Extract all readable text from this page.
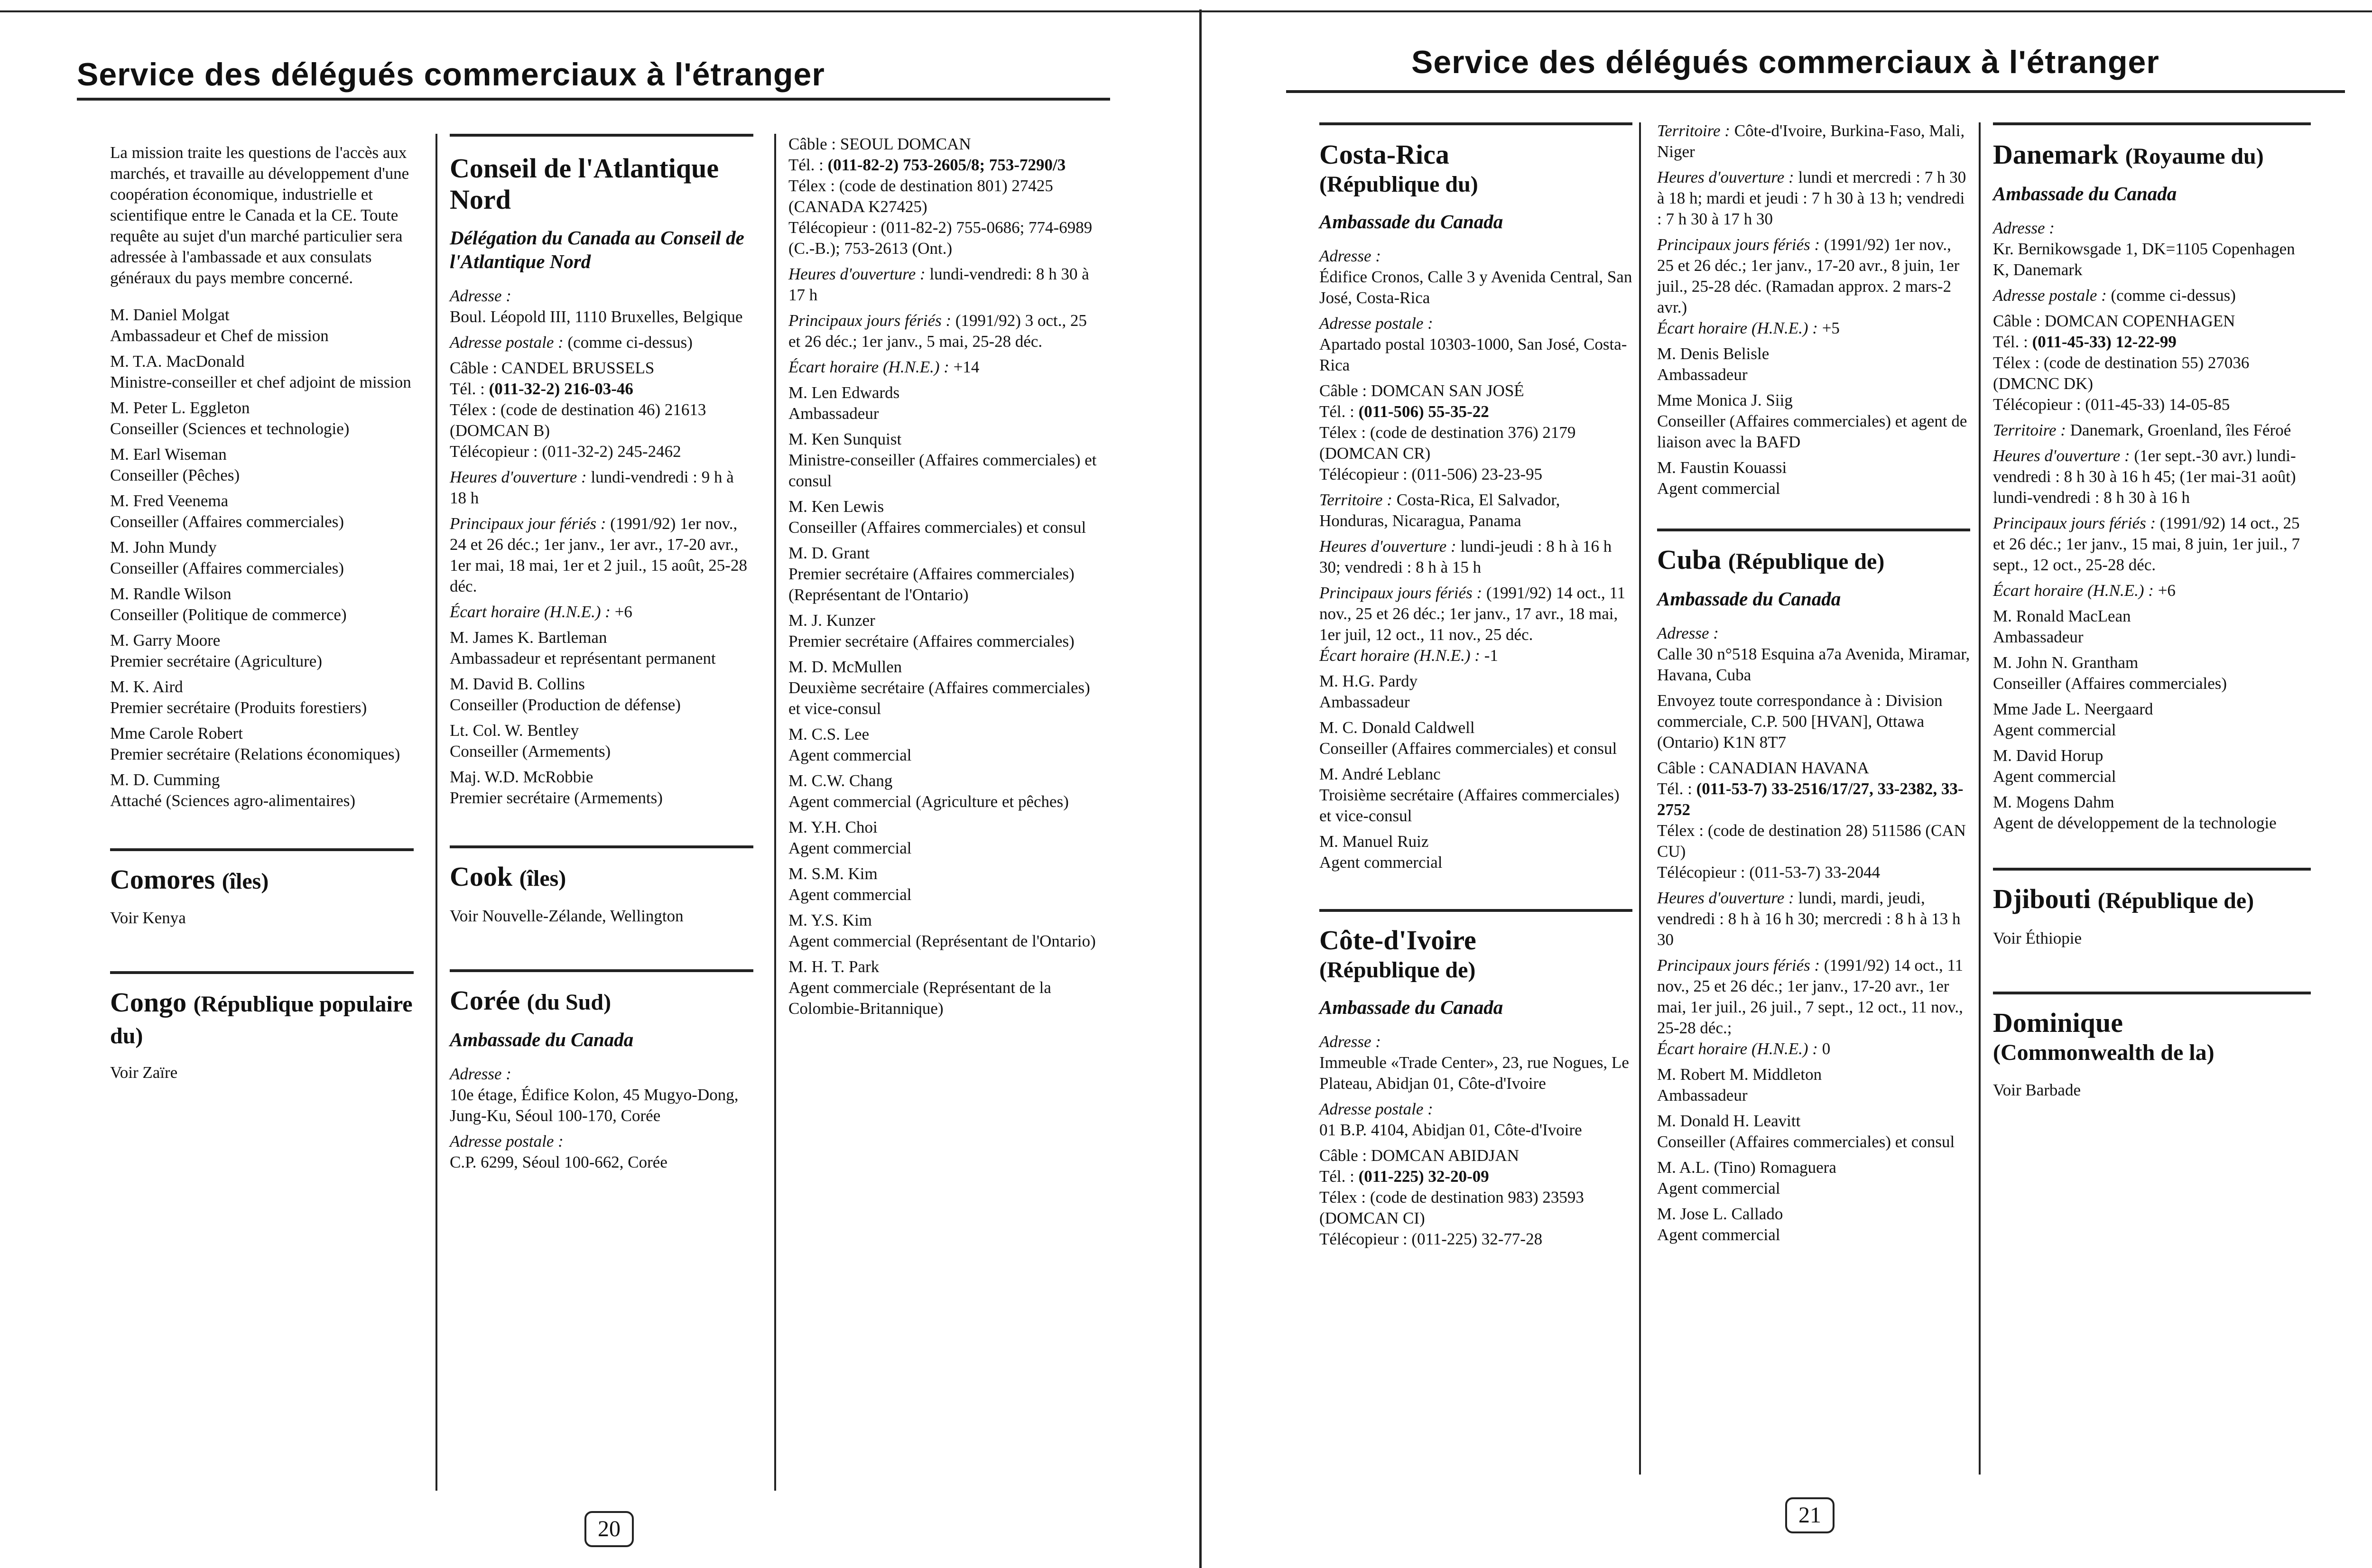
Service des délégués commerciaux à l'étranger

La mission traite les questions de l'accès aux marchés, et travaille au développement d'une coopération économique, industrielle et scientifique entre le Canada et la CE. Toute requête au sujet d'un marché particulier sera adressée à l'ambassade et aux consulats généraux du pays membre concerné.

M. Daniel Molgat
Ambassadeur et Chef de mission

M. T.A. MacDonald
Ministre-conseiller et chef adjoint de mission

M. Peter L. Eggleton
Conseiller (Sciences et technologie)

M. Earl Wiseman
Conseiller (Pêches)

M. Fred Veenema
Conseiller (Affaires commerciales)

M. John Mundy
Conseiller (Affaires commerciales)

M. Randle Wilson
Conseiller (Politique de commerce)

M. Garry Moore
Premier secrétaire (Agriculture)

M. K. Aird
Premier secrétaire (Produits forestiers)

Mme Carole Robert
Premier secrétaire (Relations économiques)

M. D. Cumming
Attaché (Sciences agro-alimentaires)

Comores (îles)

Voir Kenya

Congo (République populaire du)

Voir Zaïre

Conseil de l'Atlantique Nord
Délégation du Canada au Conseil de l'Atlantique Nord

Adresse :
Boul. Léopold III, 1110 Bruxelles, Belgique

Adresse postale : (comme ci-dessus)

Câble : CANDEL BRUSSELS

Tél. : (011-32-2) 216-03-46

Télex : (code de destination 46) 21613 (DOMCAN B)

Télécopieur : (011-32-2) 245-2462

Heures d'ouverture : lundi-vendredi : 9 h à 18 h

Principaux jour fériés : (1991/92) 1er nov., 24 et 26 déc.; 1er janv., 1er avr., 17-20 avr., 1er mai, 18 mai, 1er et 2 juil., 15 août, 25-28 déc.

Écart horaire (H.N.E.) : +6

M. James K. Bartleman
Ambassadeur et représentant permanent

M. David B. Collins
Conseiller (Production de défense)

Lt. Col. W. Bentley
Conseiller (Armements)

Maj. W.D. McRobbie
Premier secrétaire (Armements)

Cook (îles)

Voir Nouvelle-Zélande, Wellington

Corée (du Sud)
Ambassade du Canada

Adresse :
10e étage, Édifice Kolon, 45 Mugyo-Dong, Jung-Ku, Séoul 100-170, Corée

Adresse postale :
C.P. 6299, Séoul 100-662, Corée

Câble : SEOUL DOMCAN

Tél. : (011-82-2) 753-2605/8; 753-7290/3

Télex : (code de destination 801) 27425 (CANADA K27425)

Télécopieur : (011-82-2) 755-0686; 774-6989 (C.-B.); 753-2613 (Ont.)

Heures d'ouverture : lundi-vendredi: 8 h 30 à 17 h

Principaux jours fériés : (1991/92) 3 oct., 25 et 26 déc.; 1er janv., 5 mai, 25-28 déc.

Écart horaire (H.N.E.) : +14

M. Len Edwards
Ambassadeur

M. Ken Sunquist
Ministre-conseiller (Affaires commerciales) et consul

M. Ken Lewis
Conseiller (Affaires commerciales) et consul

M. D. Grant
Premier secrétaire (Affaires commerciales) (Représentant de l'Ontario)

M. J. Kunzer
Premier secrétaire (Affaires commerciales)

M. D. McMullen
Deuxième secrétaire (Affaires commerciales) et vice-consul

M. C.S. Lee
Agent commercial

M. C.W. Chang
Agent commercial (Agriculture et pêches)

M. Y.H. Choi
Agent commercial

M. S.M. Kim
Agent commercial

M. Y.S. Kim
Agent commercial (Représentant de l'Ontario)

M. H. T. Park
Agent commerciale (Représentant de la Colombie-Britannique)

20
Service des délégués commerciaux à l'étranger
Costa-Rica
(République du)
Ambassade du Canada

Adresse :
Édifice Cronos, Calle 3 y Avenida Central, San José, Costa-Rica

Adresse postale :
Apartado postal 10303-1000, San José, Costa-Rica

Câble : DOMCAN SAN JOSÉ

Tél. : (011-506) 55-35-22

Télex : (code de destination 376) 2179 (DOMCAN CR)

Télécopieur : (011-506) 23-23-95

Territoire : Costa-Rica, El Salvador, Honduras, Nicaragua, Panama

Heures d'ouverture : lundi-jeudi : 8 h à 16 h 30; vendredi : 8 h à 15 h

Principaux jours fériés : (1991/92) 14 oct., 11 nov., 25 et 26 déc.; 1er janv., 17 avr., 18 mai, 1er juil, 12 oct., 11 nov., 25 déc.

Écart horaire (H.N.E.) : -1

M. H.G. Pardy
Ambassadeur

M. C. Donald Caldwell
Conseiller (Affaires commerciales) et consul

M. André Leblanc
Troisième secrétaire (Affaires commerciales) et vice-consul

M. Manuel Ruiz
Agent commercial

Côte-d'Ivoire
(République de)
Ambassade du Canada

Adresse :
Immeuble «Trade Center», 23, rue Nogues, Le Plateau, Abidjan 01, Côte-d'Ivoire

Adresse postale :
01 B.P. 4104, Abidjan 01, Côte-d'Ivoire

Câble : DOMCAN ABIDJAN

Tél. : (011-225) 32-20-09

Télex : (code de destination 983) 23593 (DOMCAN CI)

Télécopieur : (011-225) 32-77-28

Territoire : Côte-d'Ivoire, Burkina-Faso, Mali, Niger

Heures d'ouverture : lundi et mercredi : 7 h 30 à 18 h; mardi et jeudi : 7 h 30 à 13 h; vendredi : 7 h 30 à 17 h 30

Principaux jours fériés : (1991/92) 1er nov., 25 et 26 déc.; 1er janv., 17-20 avr., 8 juin, 1er juil., 25-28 déc. (Ramadan approx. 2 mars-2 avr.)

Écart horaire (H.N.E.) : +5

M. Denis Belisle
Ambassadeur

Mme Monica J. Siig
Conseiller (Affaires commerciales) et agent de liaison avec la BAFD

M. Faustin Kouassi
Agent commercial

Cuba (République de)
Ambassade du Canada

Adresse :
Calle 30 n°518 Esquina a7a Avenida, Miramar, Havana, Cuba

Envoyez toute correspondance à : Division commerciale, C.P. 500 [HVAN], Ottawa (Ontario) K1N 8T7

Câble : CANADIAN HAVANA

Tél. : (011-53-7) 33-2516/17/27, 33-2382, 33-2752

Télex : (code de destination 28) 511586 (CAN CU)

Télécopieur : (011-53-7) 33-2044

Heures d'ouverture : lundi, mardi, jeudi, vendredi : 8 h à 16 h 30; mercredi : 8 h à 13 h 30

Principaux jours fériés : (1991/92) 14 oct., 11 nov., 25 et 26 déc.; 1er janv., 17-20 avr., 1er mai, 1er juil., 26 juil., 7 sept., 12 oct., 11 nov., 25-28 déc.;

Écart horaire (H.N.E.) : 0

M. Robert M. Middleton
Ambassadeur

M. Donald H. Leavitt
Conseiller (Affaires commerciales) et consul

M. A.L. (Tino) Romaguera
Agent commercial

M. Jose L. Callado
Agent commercial

Danemark (Royaume du)
Ambassade du Canada

Adresse :
Kr. Bernikowsgade 1, DK=1105 Copenhagen K, Danemark

Adresse postale : (comme ci-dessus)

Câble : DOMCAN COPENHAGEN

Tél. : (011-45-33) 12-22-99

Télex : (code de destination 55) 27036 (DMCNC DK)

Télécopieur : (011-45-33) 14-05-85

Territoire : Danemark, Groenland, îles Féroé

Heures d'ouverture : (1er sept.-30 avr.) lundi-vendredi : 8 h 30 à 16 h 45; (1er mai-31 août) lundi-vendredi : 8 h 30 à 16 h

Principaux jours fériés : (1991/92) 14 oct., 25 et 26 déc.; 1er janv., 15 mai, 8 juin, 1er juil., 7 sept., 12 oct., 25-28 déc.

Écart horaire (H.N.E.) : +6

M. Ronald MacLean
Ambassadeur

M. John N. Grantham
Conseiller (Affaires commerciales)

Mme Jade L. Neergaard
Agent commercial

M. David Horup
Agent commercial

M. Mogens Dahm
Agent de développement de la technologie

Djibouti (République de)

Voir Éthiopie

Dominique
(Commonwealth de la)

Voir Barbade

21
